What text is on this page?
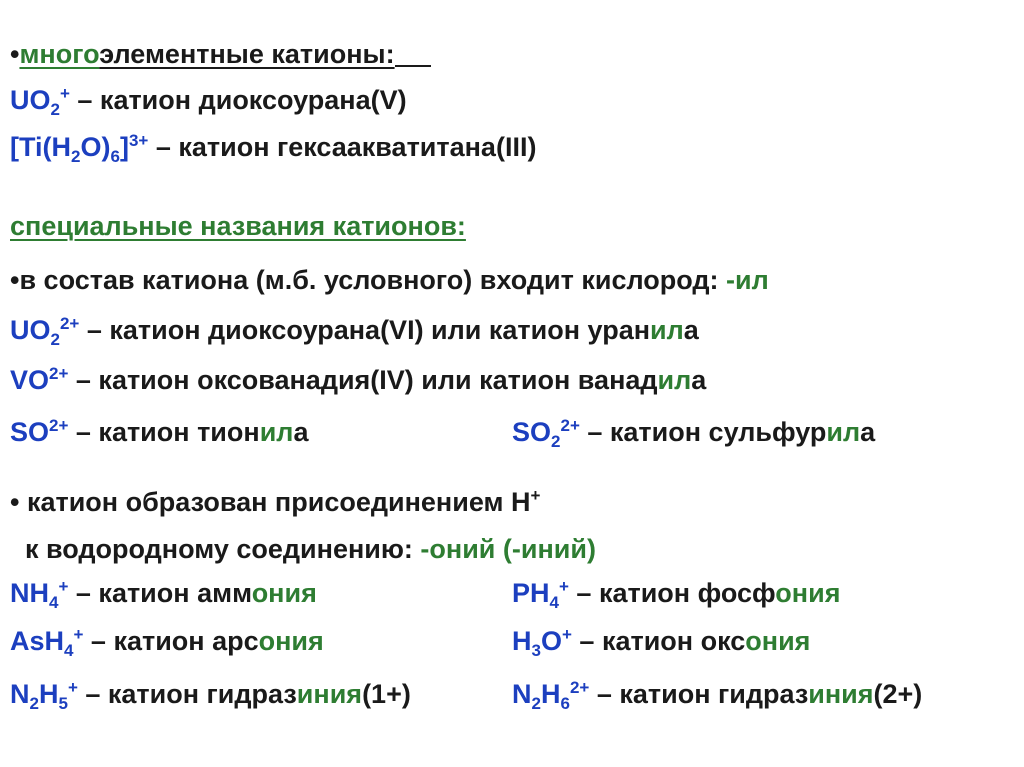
•многоэлементные катионы:
$UO_2^+$ – катион диоксоурана(V)
$[Ti(H_2O)_6]^{3+}$ – катион гексаакватитана(III)
специальные названия катионов:
•в состав катиона (м.б. условного) входит кислород: -ил
$UO_2^{2+}$ – катион диоксоурана(VI) или катион уранила
$VO^{2+}$ – катион оксованадия(IV) или катион ванадила
$SO^{2+}$ – катион тионила	$SO_2^{2+}$ – катион сульфурила
• катион образован присоединением H+
к водородному соединению: -оний (-иний)
$NH_4^+$ – катион аммония	$PH_4^+$ – катион фосфония
AsH$_4$+ – катион арсония	$H_3O^+$ – катион оксония
$N_2H_5^+$ – катион гидразиния(1+)	$N_2H_6^{2+}$ – катион гидразиния(2+)
